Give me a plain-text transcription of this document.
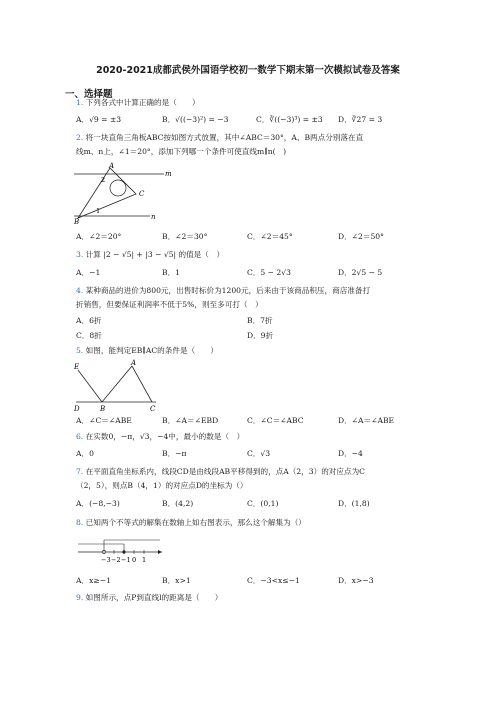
2020-2021成都武侯外国语学校初一数学下期末第一次模拟试卷及答案
一、选择题
1. 下列各式中计算正确的是（　　）
A．√9 = ±3	B．√((−3)²) = −3	C．∛((−3)³) = ±3 D．∛27 = 3
2. 将一块直角三角板ABC按如图方式放置，其中∠ABC＝30°，A、B两点分别落在直
线m、n上，∠1＝20°，添加下列哪一个条件可使直线m∥n(　)
m
n
A
B
C
1
2
A．∠2＝20°	B．∠2＝30°	C．∠2＝45°	D．∠2＝50°
3. 计算 |2 − √5| + |3 − √5| 的值是（　）
A．−1	B．1	C．5 − 2√3	D．2√5 − 5
4. 某种商品的进价为800元，出售时标价为1200元，后来由于该商品积压，商店准备打
折销售，但要保证利润率不低于5%，则至多可打（　）
A．6折	B．7折
C．8折	D．9折
5. 如图，能判定EB∥AC的条件是（　　）
E	A
D	B	C
A．∠C＝∠ABE	B．∠A＝∠EBD	C．∠C＝∠ABC	D．∠A＝∠ABE
6. 在实数0，−π，√3，−4中，最小的数是（　）
A．0	B．−π	C．√3	D．−4
7. 在平面直角坐标系内，线段CD是由线段AB平移得到的，点A（2，3）的对应点为C
（2，5），则点B（4，1）的对应点D的坐标为（）
A．(−8,−3)	B．(4,2)	C．(0,1)	D．(1,8)
8. 已知两个不等式的解集在数轴上如右图表示，那么这个解集为（）
−3 −2 −1 0 1
A．x≥−1	B．x>1	C．−3<x≤−1	D．x>−3
9. 如图所示，点P到直线l的距离是（　　）
